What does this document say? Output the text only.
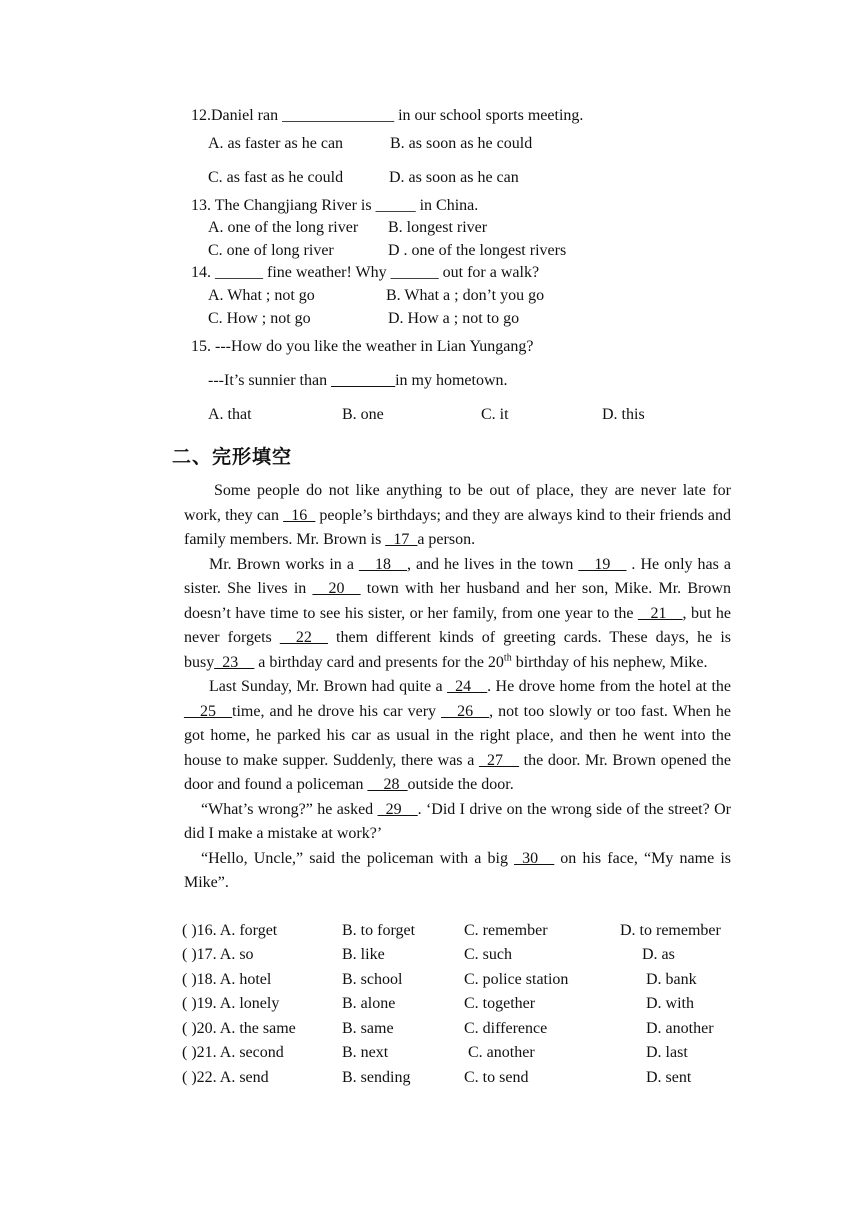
12.Daniel ran ______________ in our school sports meeting.
A. as faster as he can	B. as soon as he could
C. as fast as he could	D. as soon as he can
13. The Changjiang River is _____ in China.
A. one of the long river B. longest river
C. one of long river	D . one of the longest rivers
14. ______ fine weather! Why ______ out for a walk?
A. What ; not go	B. What a ; don’t you go
C. How ; not go	D. How a ; not to go
15. ---How do you like the weather in Lian Yungang?
---It’s sunnier than ________in my hometown.
A. that	B. one	C. it	D. this
二、完形填空
Some people do not like anything to be out of place, they are never late for work, they can _16_ people’s birthdays; and they are always kind to their friends and family members. Mr. Brown is _17_a person.
Mr. Brown works in a __18__, and he lives in the town __19__ . He only has a sister. She lives in __20__ town with her husband and her son, Mike. Mr. Brown doesn’t have time to see his sister, or her family, from one year to the _ 21__, but he never forgets __22__ them different kinds of greeting cards. These days, he is busy_23__ a birthday card and presents for the 20th birthday of his nephew, Mike.
Last Sunday, Mr. Brown had quite a _24__. He drove home from the hotel at the __25__time, and he drove his car very __26__, not too slowly or too fast. When he got home, he parked his car as usual in the right place, and then he went into the house to make supper. Suddenly, there was a _27__ the door. Mr. Brown opened the door and found a policeman __28_outside the door.
“What’s wrong?” he asked _29__. ‘Did I drive on the wrong side of the street? Or did I make a mistake at work?’
“Hello, Uncle,” said the policeman with a big _30__ on his face, “My name is Mike”.
( )16. A. forget	B. to forget	C. remember	D. to remember
( )17. A. so	B. like	C. such	D. as
( )18. A. hotel	B. school	C. police station	D. bank
( )19. A. lonely	B. alone	C. together	D. with
( )20. A. the same	B. same	C. difference	D. another
( )21. A. second	B. next	C. another	D. last
( )22. A. send	B. sending	C. to send	D. sent
